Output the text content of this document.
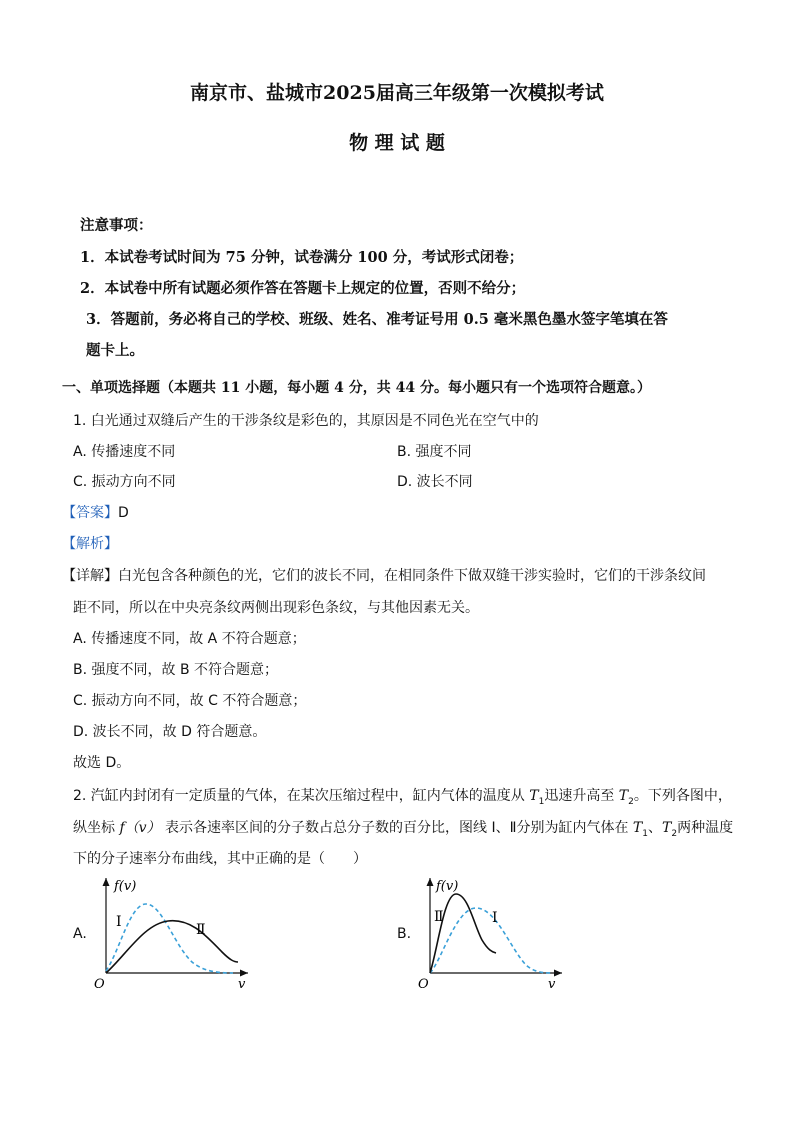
南京市、盐城市2025届高三年级第一次模拟考试
物 理 试 题
注意事项：
1．本试卷考试时间为 75 分钟，试卷满分 100 分，考试形式闭卷；
2．本试卷中所有试题必须作答在答题卡上规定的位置，否则不给分；
3．答题前，务必将自己的学校、班级、姓名、准考证号用 0.5 毫米黑色墨水签字笔填在答
题卡上。
一、单项选择题（本题共 11 小题，每小题 4 分，共 44 分。每小题只有一个选项符合题意。）
1. 白光通过双缝后产生的干涉条纹是彩色的，其原因是不同色光在空气中的
A. 传播速度不同	B. 强度不同
C. 振动方向不同	D. 波长不同
【答案】D
【解析】
【详解】白光包含各种颜色的光，它们的波长不同，在相同条件下做双缝干涉实验时，它们的干涉条纹间
距不同，所以在中央亮条纹两侧出现彩色条纹，与其他因素无关。
A. 传播速度不同，故 A 不符合题意；
B. 强度不同，故 B 不符合题意；
C. 振动方向不同，故 C 不符合题意；
D. 波长不同，故 D 符合题意。
故选 D。
2. 汽缸内封闭有一定质量的气体，在某次压缩过程中，缸内气体的温度从 $T_1$迅速升高至 $T_2$。下列各图中，
纵坐标 f（v） 表示各速率区间的分子数占总分子数的百分比，图线 Ⅰ、Ⅱ分别为缸内气体在 $T_1$、$T_2$两种温度
下的分子速率分布曲线，其中正确的是（　　）
A.
f(v)
v
O
Ⅰ	Ⅱ	B.
f(v)
v
O
Ⅰ
Ⅱ
